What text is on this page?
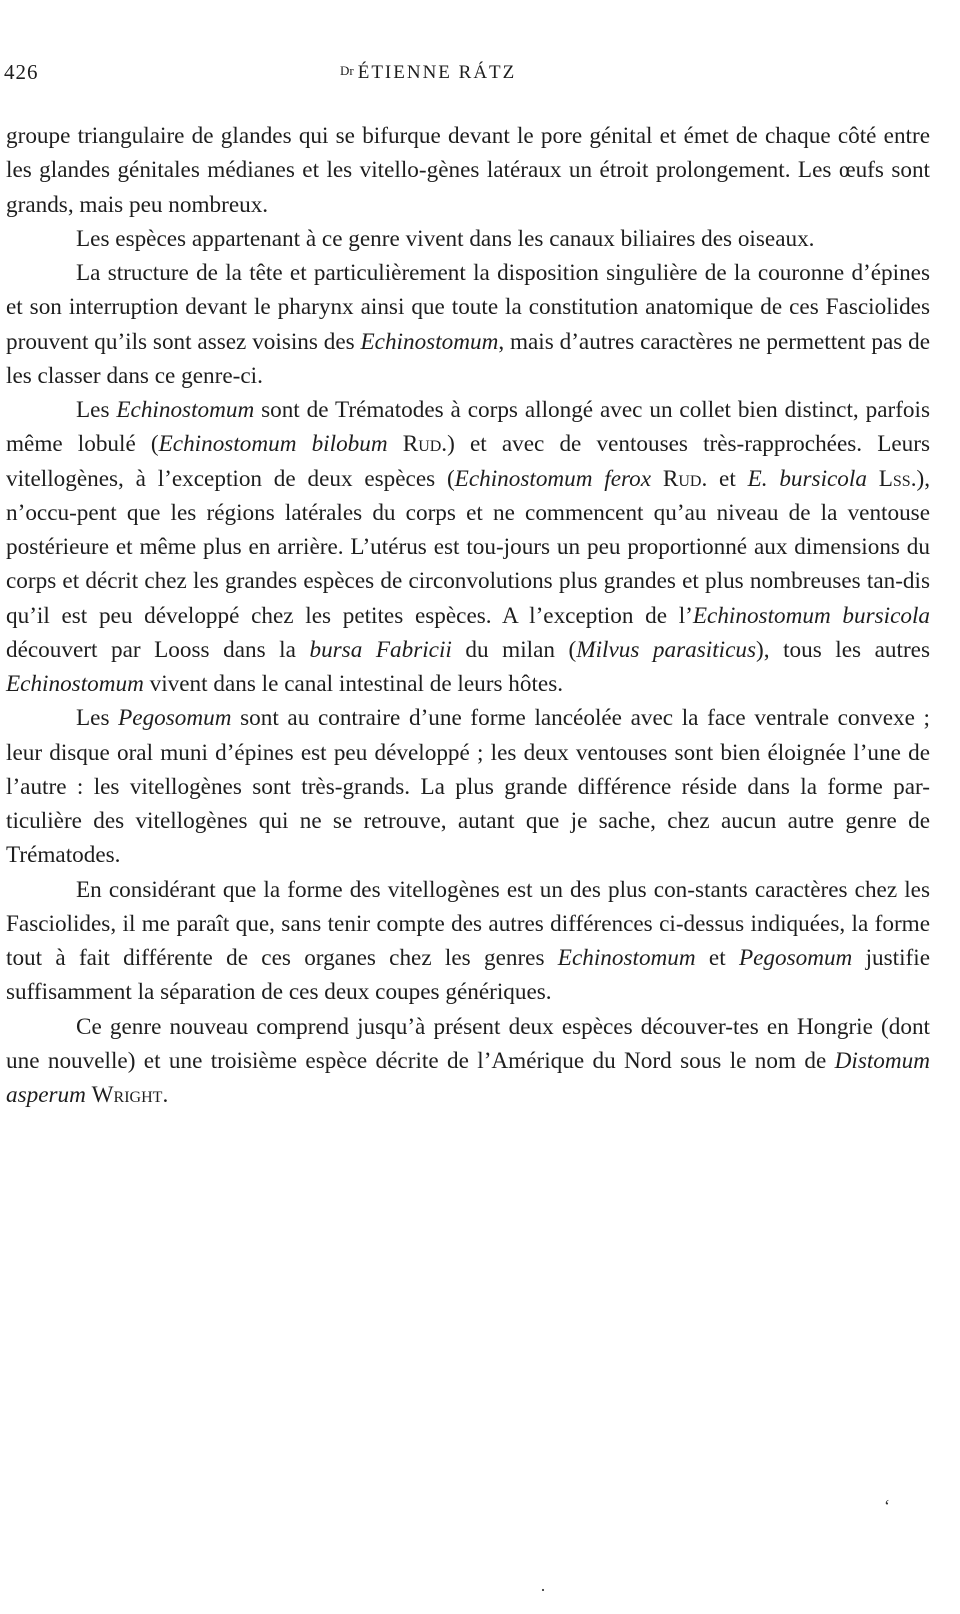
426	Dr ÉTIENNE RÁTZ

groupe triangulaire de glandes qui se bifurque devant le pore génital et émet de chaque côté entre les glandes génitales médianes et les vitello-gènes latéraux un étroit prolongement. Les œufs sont grands, mais peu nombreux.

Les espèces appartenant à ce genre vivent dans les canaux biliaires des oiseaux.

La structure de la tête et particulièrement la disposition singulière de la couronne d’épines et son interruption devant le pharynx ainsi que toute la constitution anatomique de ces Fasciolides prouvent qu’ils sont assez voisins des Echinostomum, mais d’autres caractères ne permettent pas de les classer dans ce genre-ci.

Les Echinostomum sont de Trématodes à corps allongé avec un collet bien distinct, parfois même lobulé (Echinostomum bilobum Rud.) et avec de ventouses très-rapprochées. Leurs vitellogènes, à l’exception de deux espèces (Echinostomum ferox Rud. et E. bursicola Lss.), n’occu-pent que les régions latérales du corps et ne commencent qu’au niveau de la ventouse postérieure et même plus en arrière. L’utérus est tou-jours un peu proportionné aux dimensions du corps et décrit chez les grandes espèces de circonvolutions plus grandes et plus nombreuses tan-dis qu’il est peu développé chez les petites espèces. A l’exception de l’Echinostomum bursicola découvert par Looss dans la bursa Fabricii du milan (Milvus parasiticus), tous les autres Echinostomum vivent dans le canal intestinal de leurs hôtes.

Les Pegosomum sont au contraire d’une forme lancéolée avec la face ventrale convexe ; leur disque oral muni d’épines est peu développé ; les deux ventouses sont bien éloignée l’une de l’autre : les vitellogènes sont très-grands. La plus grande différence réside dans la forme par-ticulière des vitellogènes qui ne se retrouve, autant que je sache, chez aucun autre genre de Trématodes.

En considérant que la forme des vitellogènes est un des plus con-stants caractères chez les Fasciolides, il me paraît que, sans tenir compte des autres différences ci-dessus indiquées, la forme tout à fait différente de ces organes chez les genres Echinostomum et Pegosomum justifie suffisamment la séparation de ces deux coupes génériques.

Ce genre nouveau comprend jusqu’à présent deux espèces découver-tes en Hongrie (dont une nouvelle) et une troisième espèce décrite de l’Amérique du Nord sous le nom de Distomum asperum Wright.

‘
·
